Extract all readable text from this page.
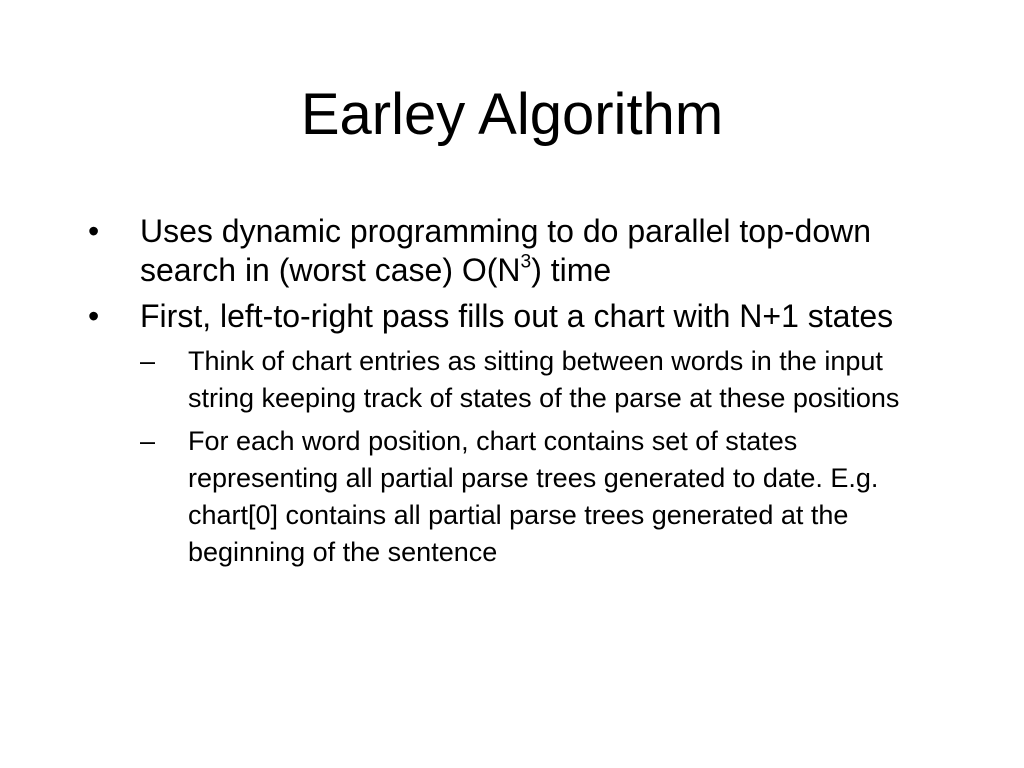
Earley Algorithm
•	Uses dynamic programming to do parallel top-down search in (worst case) $O(N^3)$ time
•	First, left-to-right pass fills out a chart with N+1 states
–	Think of chart entries as sitting between words in the input string keeping track of states of the parse at these positions
–	For each word position, chart contains set of states representing all partial parse trees generated to date. E.g. chart[0] contains all partial parse trees generated at the beginning of the sentence
